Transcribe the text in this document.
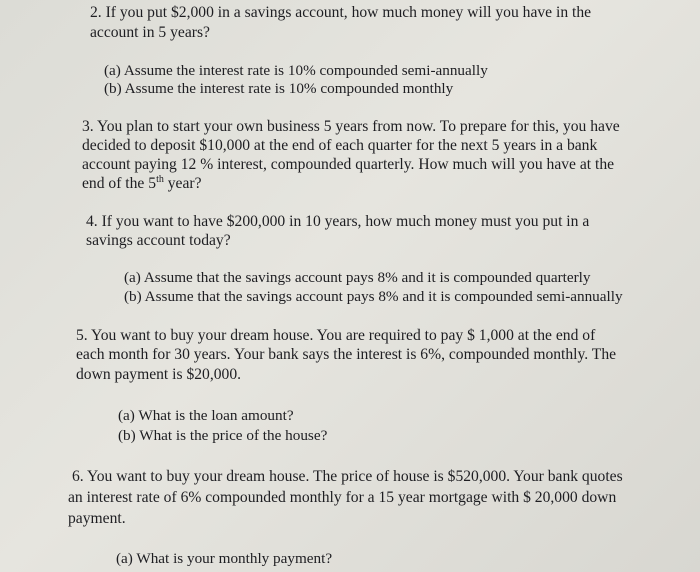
2. If you put $2,000 in a savings account, how much money will you have in the
account in 5 years?
(a) Assume the interest rate is 10% compounded semi-annually
(b) Assume the interest rate is 10% compounded monthly
3. You plan to start your own business 5 years from now. To prepare for this, you have
decided to deposit $10,000 at the end of each quarter for the next 5 years in a bank
account paying 12 % interest, compounded quarterly. How much will you have at the
end of the 5th year?
4. If you want to have $200,000 in 10 years, how much money must you put in a
savings account today?
(a) Assume that the savings account pays 8% and it is compounded quarterly
(b) Assume that the savings account pays 8% and it is compounded semi-annually
5. You want to buy your dream house. You are required to pay $ 1,000 at the end of
each month for 30 years. Your bank says the interest is 6%, compounded monthly. The
down payment is $20,000.
(a) What is the loan amount?
(b) What is the price of the house?
6. You want to buy your dream house. The price of house is $520,000. Your bank quotes
an interest rate of 6% compounded monthly for a 15 year mortgage with $ 20,000 down
payment.
(a) What is your monthly payment?
